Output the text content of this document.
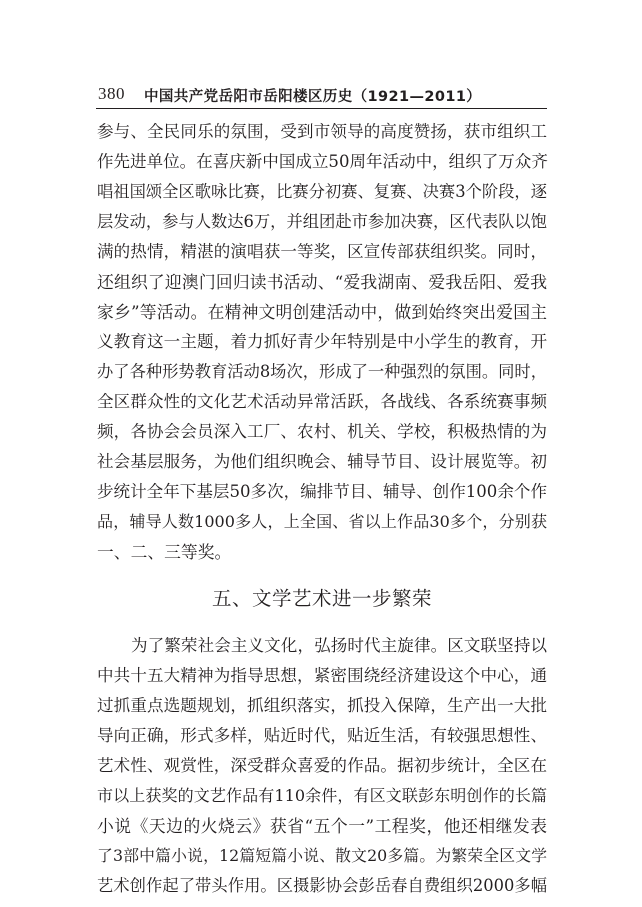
380 中国共产党岳阳市岳阳楼区历史（1921—2011）
参与、全民同乐的氛围，受到市领导的高度赞扬，获市组织工
作先进单位。在喜庆新中国成立50周年活动中，组织了万众齐
唱祖国颂全区歌咏比赛，比赛分初赛、复赛、决赛3个阶段，逐
层发动，参与人数达6万，并组团赴市参加决赛，区代表队以饱
满的热情，精湛的演唱获一等奖，区宣传部获组织奖。同时，
还组织了迎澳门回归读书活动、“爱我湖南、爱我岳阳、爱我
家乡”等活动。在精神文明创建活动中，做到始终突出爱国主
义教育这一主题，着力抓好青少年特别是中小学生的教育，开
办了各种形势教育活动8场次，形成了一种强烈的氛围。同时，
全区群众性的文化艺术活动异常活跃，各战线、各系统赛事频
频，各协会会员深入工厂、农村、机关、学校，积极热情的为
社会基层服务，为他们组织晚会、辅导节目、设计展览等。初
步统计全年下基层50多次，编排节目、辅导、创作100余个作
品，辅导人数1000多人，上全国、省以上作品30多个，分别获
一、二、三等奖。
五、文学艺术进一步繁荣
为了繁荣社会主义文化，弘扬时代主旋律。区文联坚持以
中共十五大精神为指导思想，紧密围绕经济建设这个中心，通
过抓重点选题规划，抓组织落实，抓投入保障，生产出一大批
导向正确，形式多样，贴近时代，贴近生活，有较强思想性、
艺术性、观赏性，深受群众喜爱的作品。据初步统计，全区在
市以上获奖的文艺作品有110余件，有区文联彭东明创作的长篇
小说《天边的火烧云》获省“五个一”工程奖，他还相继发表
了3部中篇小说，12篇短篇小说、散文20多篇。为繁荣全区文学
艺术创作起了带头作用。区摄影协会彭岳春自费组织2000多幅
